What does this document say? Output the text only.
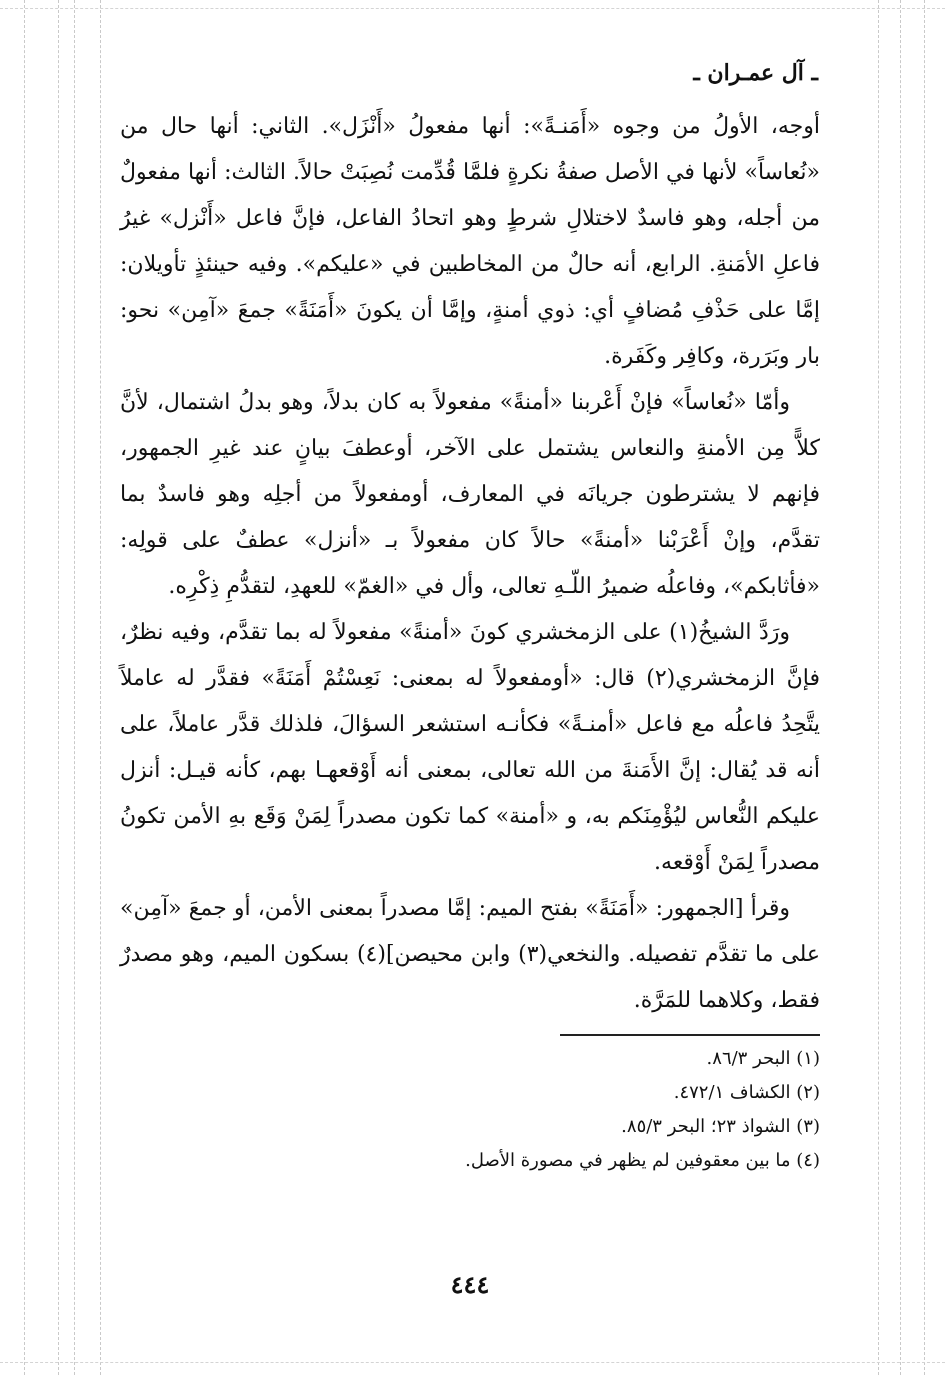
ـ آل عمـران ـ

أوجه، الأولُ من وجوه «أَمَنـةً»: أنها مفعولُ «أَنْزَل». الثاني: أنها حال من «نُعاساً» لأنها في الأصل صفةُ نكرةٍ فلمَّا قُدِّمت نُصِبَتْ حالاً. الثالث: أنها مفعولٌ من أجله، وهو فاسدٌ لاختلالِ شرطٍ وهو اتحادُ الفاعل، فإنَّ فاعل «أَنْزل» غيرُ فاعلِ الأمَنةِ. الرابع، أنه حالٌ من المخاطبين في «عليكم». وفيه حينئذٍ تأويلان: إمَّا على حَذْفِ مُضافٍ أي: ذوي أمنةٍ، وإمَّا أن يكونَ «أَمَنَةً» جمعَ «آمِن» نحو: بار وبَرَرة، وكافِر وكَفَرة.

وأمّا «نُعاساً» فإنْ أَعْربنا «أمنةً» مفعولاً به كان بدلاً، وهو بدلُ اشتمال، لأنَّ كلاًّ مِن الأمنةِ والنعاس يشتمل على الآخر، أوعطفَ بيانٍ عند غيرِ الجمهور، فإنهم لا يشترطون جريانَه في المعارف، أومفعولاً من أجلِه وهو فاسدٌ بما تقدَّم، وإنْ أَعْرَبْنا «أمنةً» حالاً كان مفعولاً بـ «أنزل» عطفٌ على قولِه: «فأثابكم»، وفاعلُه ضميرُ اللّـهِ تعالى، وأل في «الغمّ» للعهدِ، لتقدُّمِ ذِكْرِه.

ورَدَّ الشيخُ(١) على الزمخشري كونَ «أمنةً» مفعولاً له بما تقدَّم، وفيه نظرٌ، فإنَّ الزمخشري(٢) قال: «أومفعولاً له بمعنى: نَعِسْتُمْ أَمَنَةً» فقدَّر له عاملاً يتَّحِدُ فاعلُه مع فاعل «أمنـةً» فكأنـه استشعر السؤالَ، فلذلك قدَّر عاملاً، على أنه قد يُقال: إنَّ الأَمَنةَ من الله تعالى، بمعنى أنه أَوْقعهـا بهم، كأنه قيـل: أنزل عليكم النُّعاس ليُؤْمِنَكم به، و «أمنة» كما تكون مصدراً لِمَنْ وَقَع بهِ الأمن تكونُ مصدراً لِمَنْ أَوْقعه.

وقرأ [الجمهور: «أَمَنَةً» بفتح الميم: إمَّا مصدراً بمعنى الأمن، أو جمعَ «آمِن» على ما تقدَّم تفصيله. والنخعي(٣) وابن محيصن](٤) بسكون الميم، وهو مصدرٌ فقط، وكلاهما للمَرَّة.

(١) البحر ٨٦/٣.

(٢) الكشاف ٤٧٢/١.

(٣) الشواذ ٢٣؛ البحر ٨٥/٣.

(٤) ما بين معقوفين لم يظهر في مصورة الأصل.

٤٤٤
